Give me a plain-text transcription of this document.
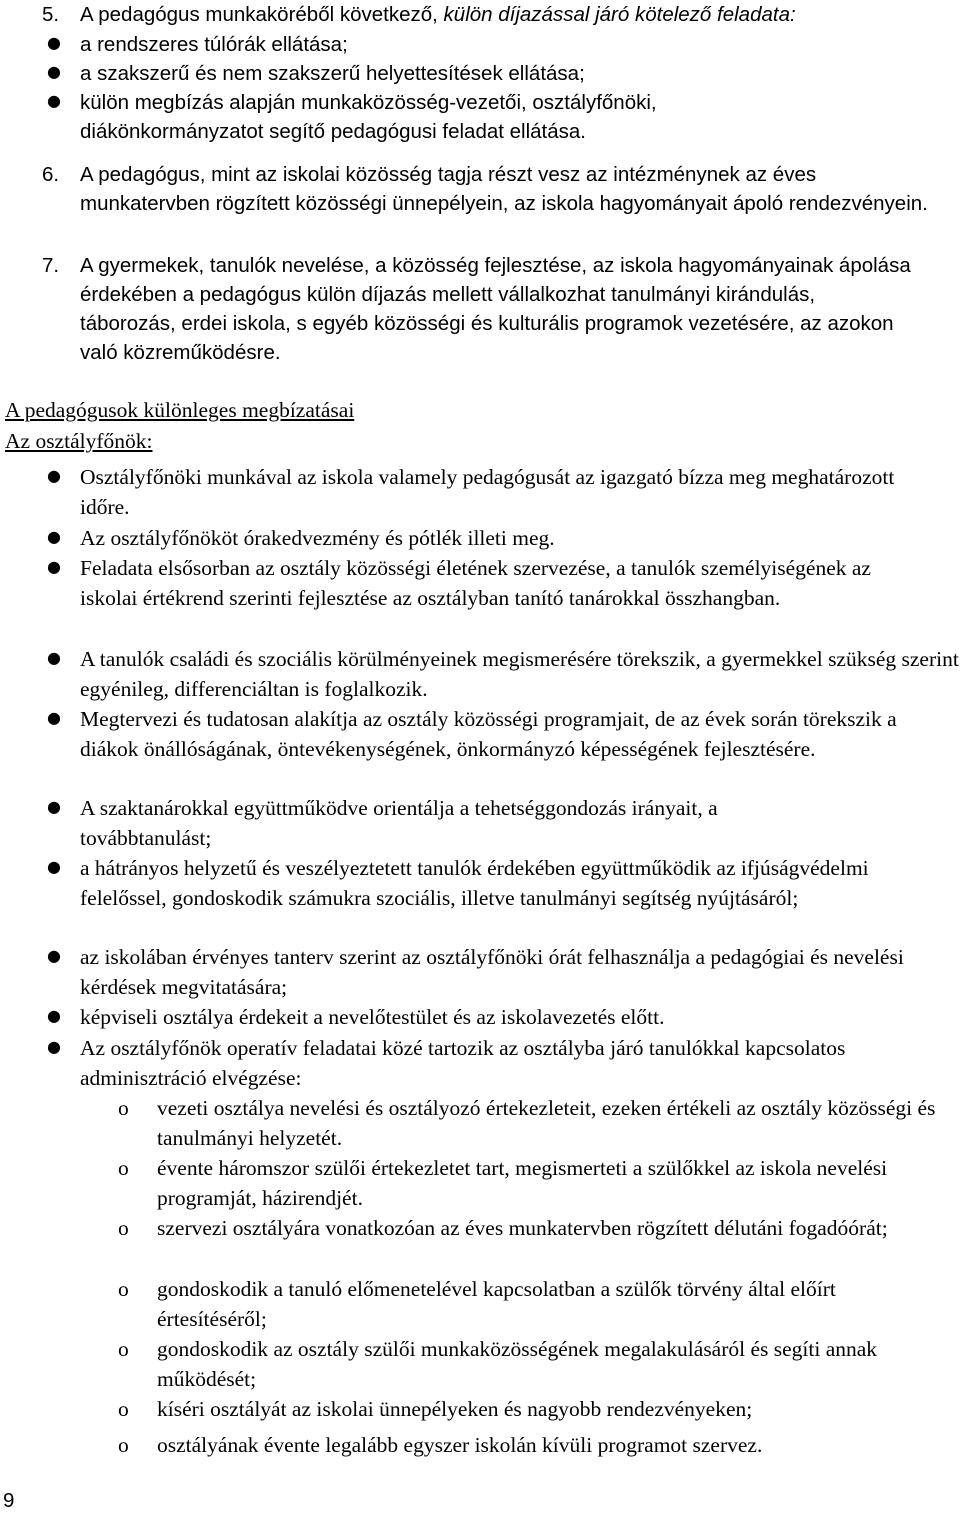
5. A pedagógus munkaköréből következő, külön díjazással járó kötelező feladata:
● a rendszeres túlórák ellátása;
● a szakszerű és nem szakszerű helyettesítések ellátása;
● külön megbízás alapján munkaközösség-vezetői, osztályfőnöki, diákönkormányzatot segítő pedagógusi feladat ellátása.
6. A pedagógus, mint az iskolai közösség tagja részt vesz az intézménynek az éves munkatervben rögzített közösségi ünnepélyein, az iskola hagyományait ápoló rendezvényein.
7. A gyermekek, tanulók nevelése, a közösség fejlesztése, az iskola hagyományainak ápolása érdekében a pedagógus külön díjazás mellett vállalkozhat tanulmányi kirándulás, táborozás, erdei iskola, s egyéb közösségi és kulturális programok vezetésére, az azokon való közreműködésre.
A pedagógusok különleges megbízatásai
Az osztályfőnök:
● Osztályfőnöki munkával az iskola valamely pedagógusát az igazgató bízza meg meghatározott időre.
● Az osztályfőnököt órakedvezmény és pótlék illeti meg.
● Feladata elsősorban az osztály közösségi életének szervezése, a tanulók személyiségének az iskolai értékrend szerinti fejlesztése az osztályban tanító tanárokkal összhangban.
● A tanulók családi és szociális körülményeinek megismerésére törekszik, a gyermekkel szükség szerint egyénileg, differenciáltan is foglalkozik.
● Megtervezi és tudatosan alakítja az osztály közösségi programjait, de az évek során törekszik a diákok önállóságának, öntevékenységének, önkormányzó képességének fejlesztésére.
● A szaktanárokkal együttműködve orientálja a tehetséggondozás irányait, a továbbtanulást;
● a hátrányos helyzetű és veszélyeztetett tanulók érdekében együttműködik az ifjúságvédelmi felelőssel, gondoskodik számukra szociális, illetve tanulmányi segítség nyújtásáról;
● az iskolában érvényes tanterv szerint az osztályfőnöki órát felhasználja a pedagógiai és nevelési kérdések megvitatására;
● képviseli osztálya érdekeit a nevelőtestület és az iskolavezetés előtt.
● Az osztályfőnök operatív feladatai közé tartozik az osztályba járó tanulókkal kapcsolatos adminisztráció elvégzése:
o vezeti osztálya nevelési és osztályozó értekezleteit, ezeken értékeli az osztály közösségi és tanulmányi helyzetét.
o évente háromszor szülői értekezletet tart, megismerteti a szülőkkel az iskola nevelési programját, házirendjét.
o szervezi osztályára vonatkozóan az éves munkatervben rögzített délutáni fogadóórát;
o gondoskodik a tanuló előmenetelével kapcsolatban a szülők törvény által előírt értesítéséről;
o gondoskodik az osztály szülői munkaközösségének megalakulásáról és segíti annak működését;
o kíséri osztályát az iskolai ünnepélyeken és nagyobb rendezvényeken;
o osztályának évente legalább egyszer iskolán kívüli programot szervez.
9
